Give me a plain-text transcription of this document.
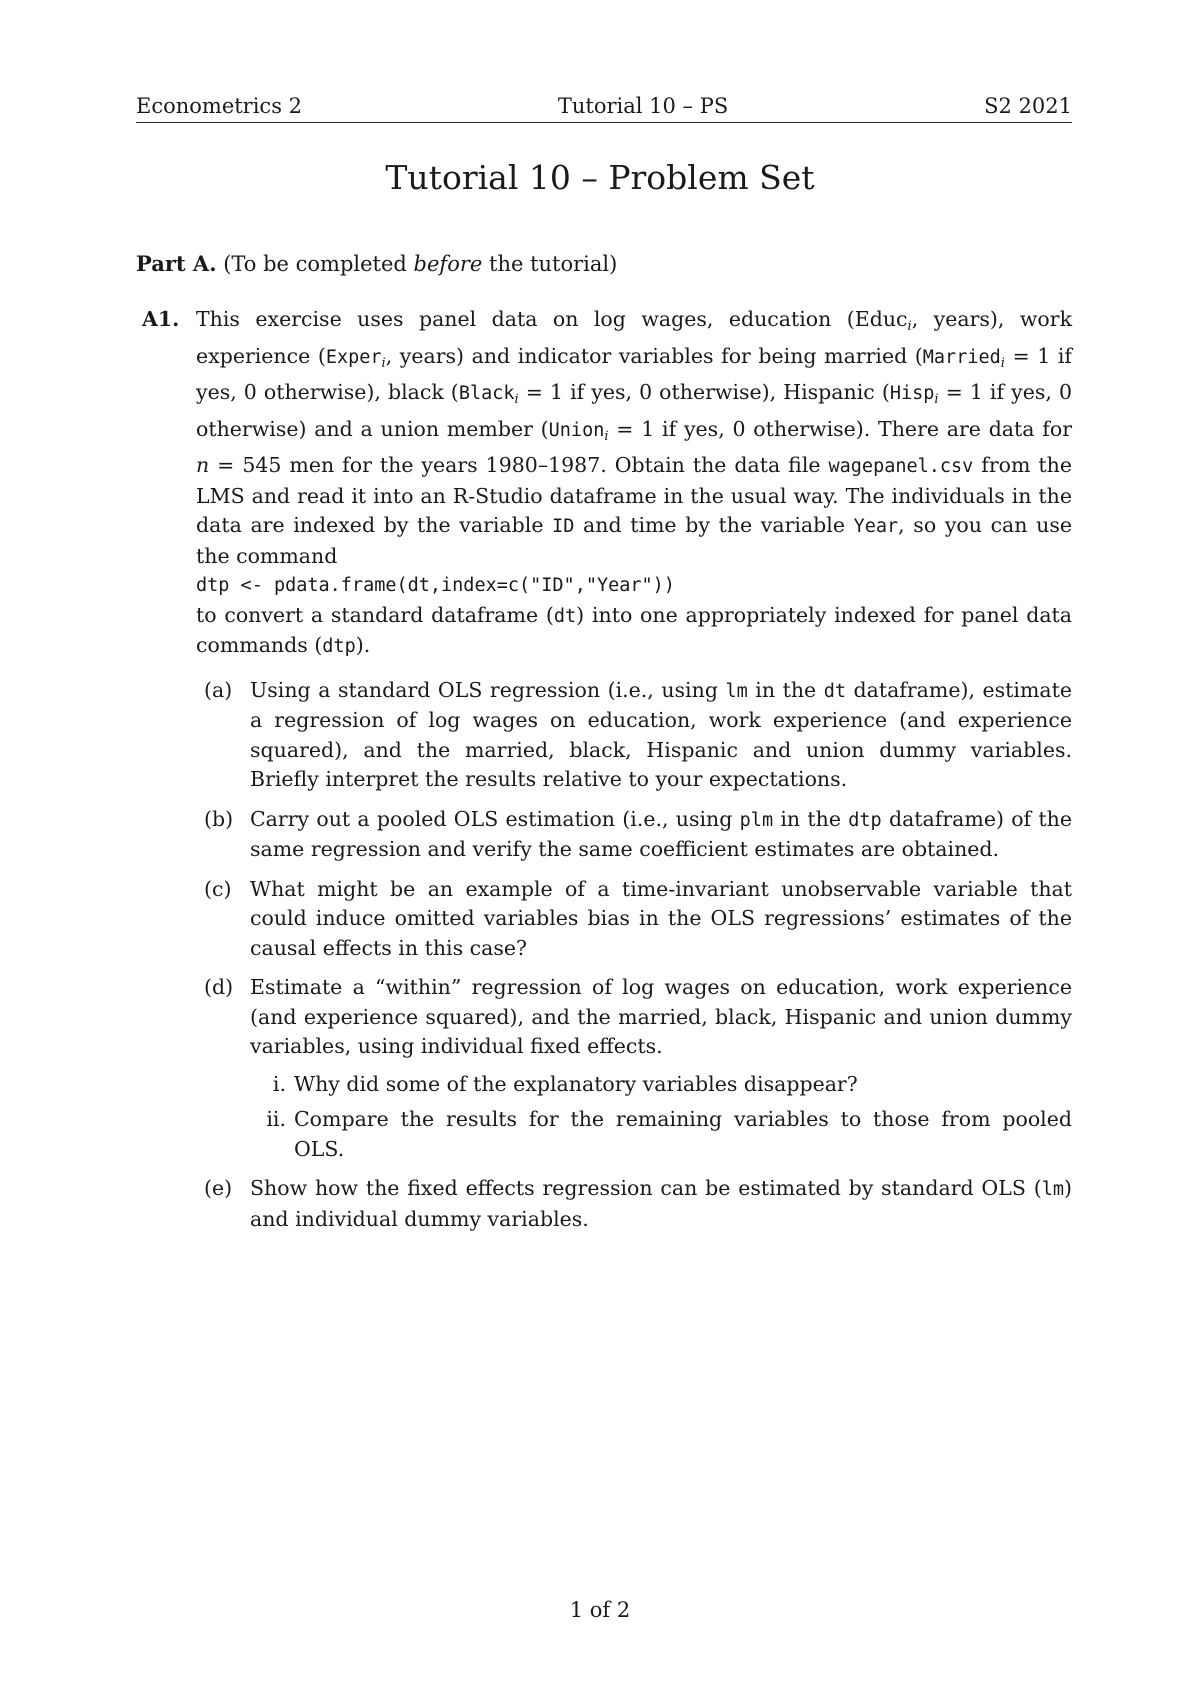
Econometrics 2	Tutorial 10 – PS	S2 2021
Tutorial 10 – Problem Set
Part A. (To be completed before the tutorial)
A1. This exercise uses panel data on log wages, education (Educ$_i$, years), work experience (Exper$_i$, years) and indicator variables for being married (Married$_i$ = 1 if yes, 0 otherwise), black (Black$_i$ = 1 if yes, 0 otherwise), Hispanic (Hisp$_i$ = 1 if yes, 0 otherwise) and a union member (Union$_i$ = 1 if yes, 0 otherwise). There are data for n = 545 men for the years 1980–1987. Obtain the data file wagepanel.csv from the LMS and read it into an R-Studio dataframe in the usual way. The individuals in the data are indexed by the variable ID and time by the variable Year, so you can use the command

dtp <- pdata.frame(dt,index=c("ID","Year"))

to convert a standard dataframe (dt) into one appropriately indexed for panel data commands (dtp).

(a) Using a standard OLS regression (i.e., using lm in the dt dataframe), estimate a regression of log wages on education, work experience (and experience squared), and the married, black, Hispanic and union dummy variables. Briefly interpret the results relative to your expectations.
(b) Carry out a pooled OLS estimation (i.e., using plm in the dtp dataframe) of the same regression and verify the same coefficient estimates are obtained.
(c) What might be an example of a time-invariant unobservable variable that could induce omitted variables bias in the OLS regressions’ estimates of the causal effects in this case?
(d) Estimate a “within” regression of log wages on education, work experience (and experience squared), and the married, black, Hispanic and union dummy variables, using individual fixed effects.
i. Why did some of the explanatory variables disappear?
ii. Compare the results for the remaining variables to those from pooled OLS.
(e) Show how the fixed effects regression can be estimated by standard OLS (lm) and individual dummy variables.
1 of 2
